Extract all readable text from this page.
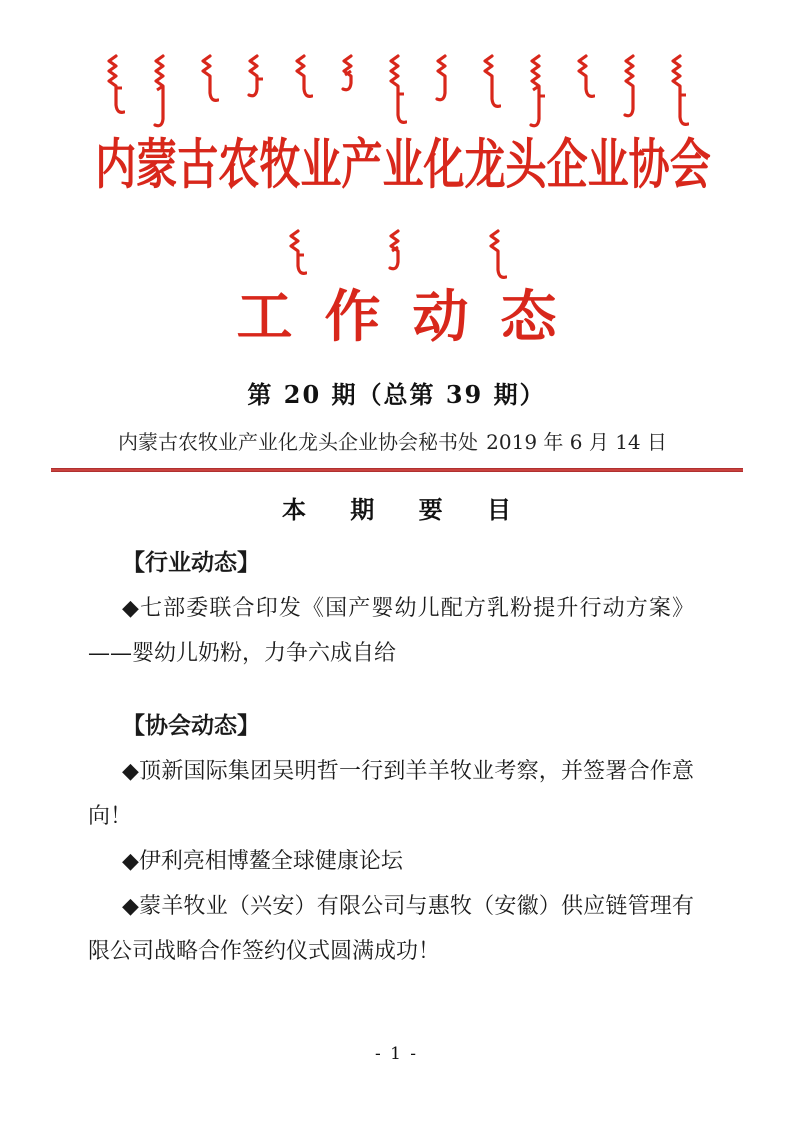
内蒙古农牧业产业化龙头企业协会
工作动态
第 20 期（总第 39 期）
内蒙古农牧业产业化龙头企业协会秘书处 2019 年 6 月 14 日
本 期 要 目

【行业动态】

◆七部委联合印发《国产婴幼儿配方乳粉提升行动方案》——婴幼儿奶粉，力争六成自给

【协会动态】

◆顶新国际集团吴明哲一行到羊羊牧业考察，并签署合作意向！

◆伊利亮相博鳌全球健康论坛

◆蒙羊牧业（兴安）有限公司与惠牧（安徽）供应链管理有限公司战略合作签约仪式圆满成功！

- 1 -
